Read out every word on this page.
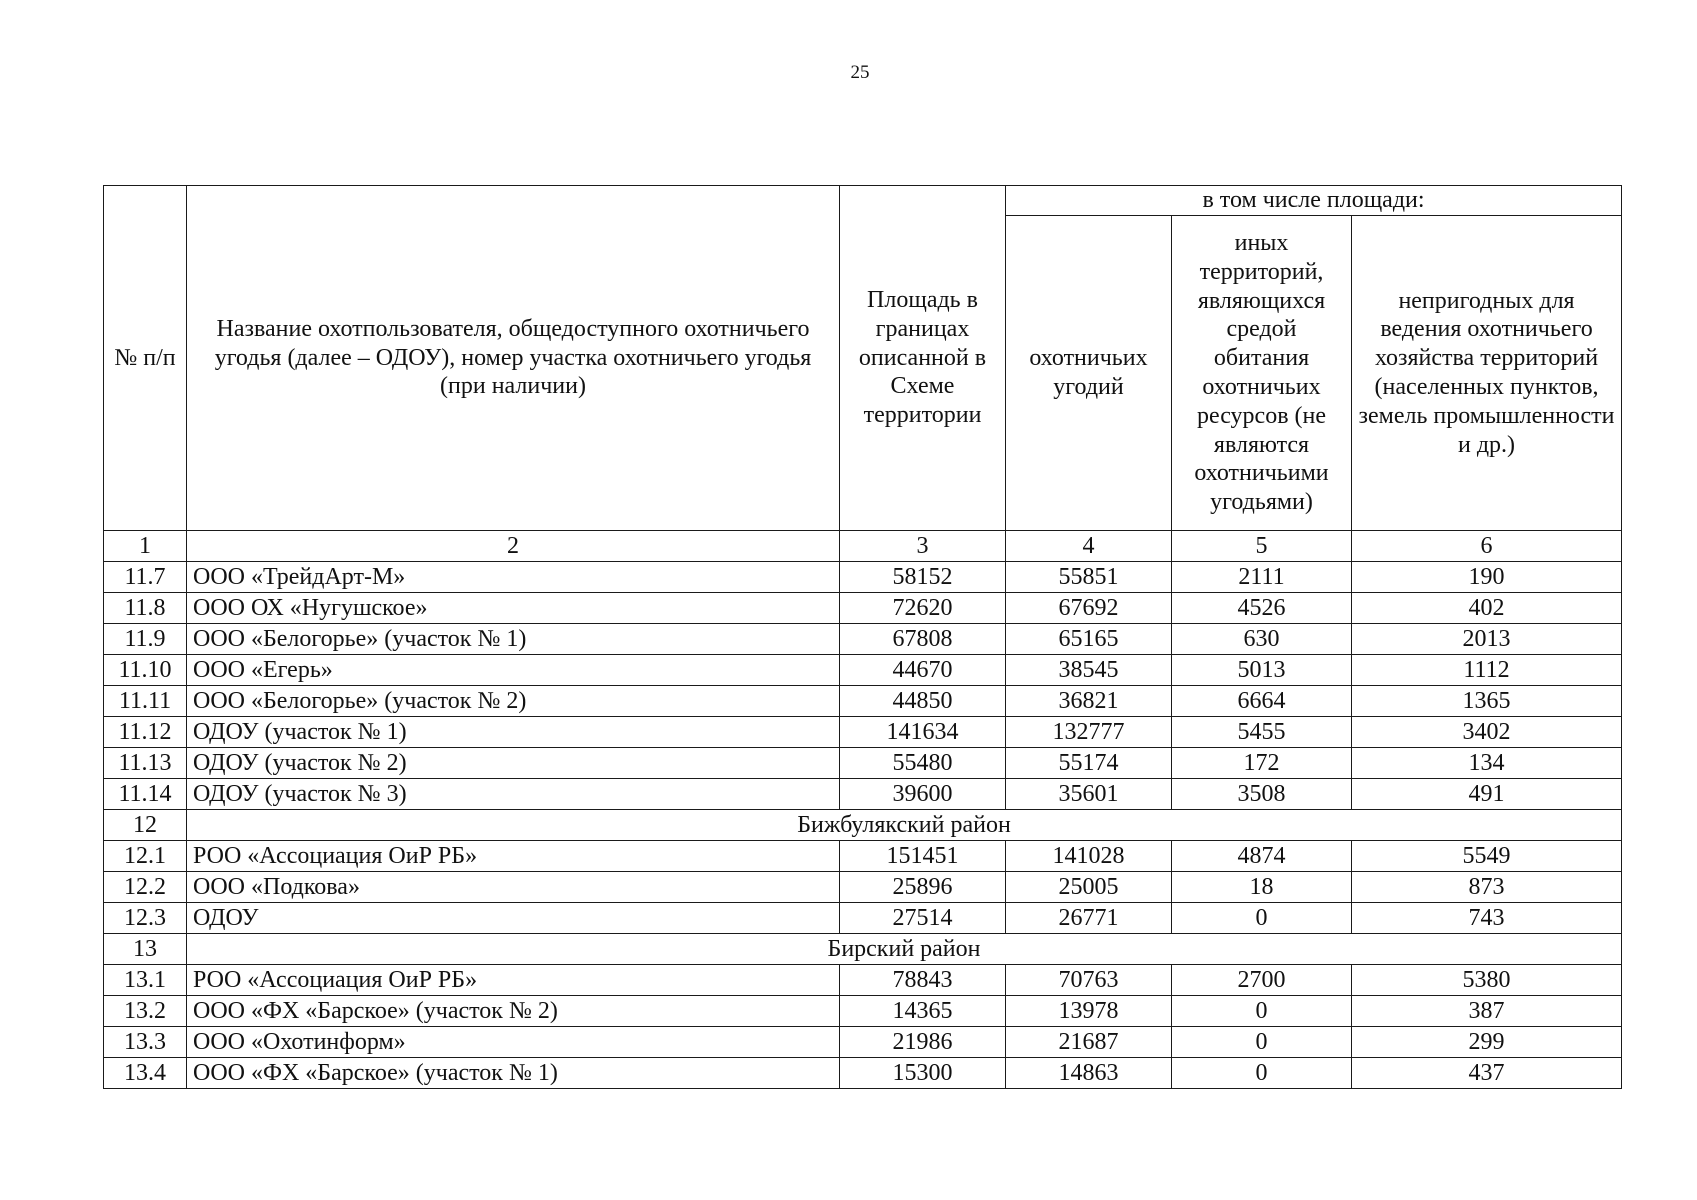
25
№ п/п	Название охотпользователя, общедоступного охотничьего угодья (далее – ОДОУ), номер участка охотничьего угодья (при наличии)	Площадь в границах описанной в Схеме территории	в том числе площади:		
			охотничьих угодий	иных территорий, являющихся средой обитания охотничьих ресурсов (не являются охотничьими угодьями)	непригодных для ведения охотничьего хозяйства территорий (населенных пунктов, земель промышленности и др.)
1	2	3	4	5	6
11.7	ООО «ТрейдАрт-М»	58152	55851	2111	190
11.8	ООО ОХ «Нугушское»	72620	67692	4526	402
11.9	ООО «Белогорье» (участок № 1)	67808	65165	630	2013
11.10	ООО «Егерь»	44670	38545	5013	1112
11.11	ООО «Белогорье» (участок № 2)	44850	36821	6664	1365
11.12	ОДОУ (участок № 1)	141634	132777	5455	3402
11.13	ОДОУ (участок № 2)	55480	55174	172	134
11.14	ОДОУ (участок № 3)	39600	35601	3508	491
12	Бижбулякский район				
12.1	РОО «Ассоциация ОиР РБ»	151451	141028	4874	5549
12.2	ООО «Подкова»	25896	25005	18	873
12.3	ОДОУ	27514	26771	0	743
13	Бирский район				
13.1	РОО «Ассоциация ОиР РБ»	78843	70763	2700	5380
13.2	ООО «ФХ «Барское» (участок № 2)	14365	13978	0	387
13.3	ООО «Охотинформ»	21986	21687	0	299
13.4	ООО «ФХ «Барское» (участок № 1)	15300	14863	0	437
